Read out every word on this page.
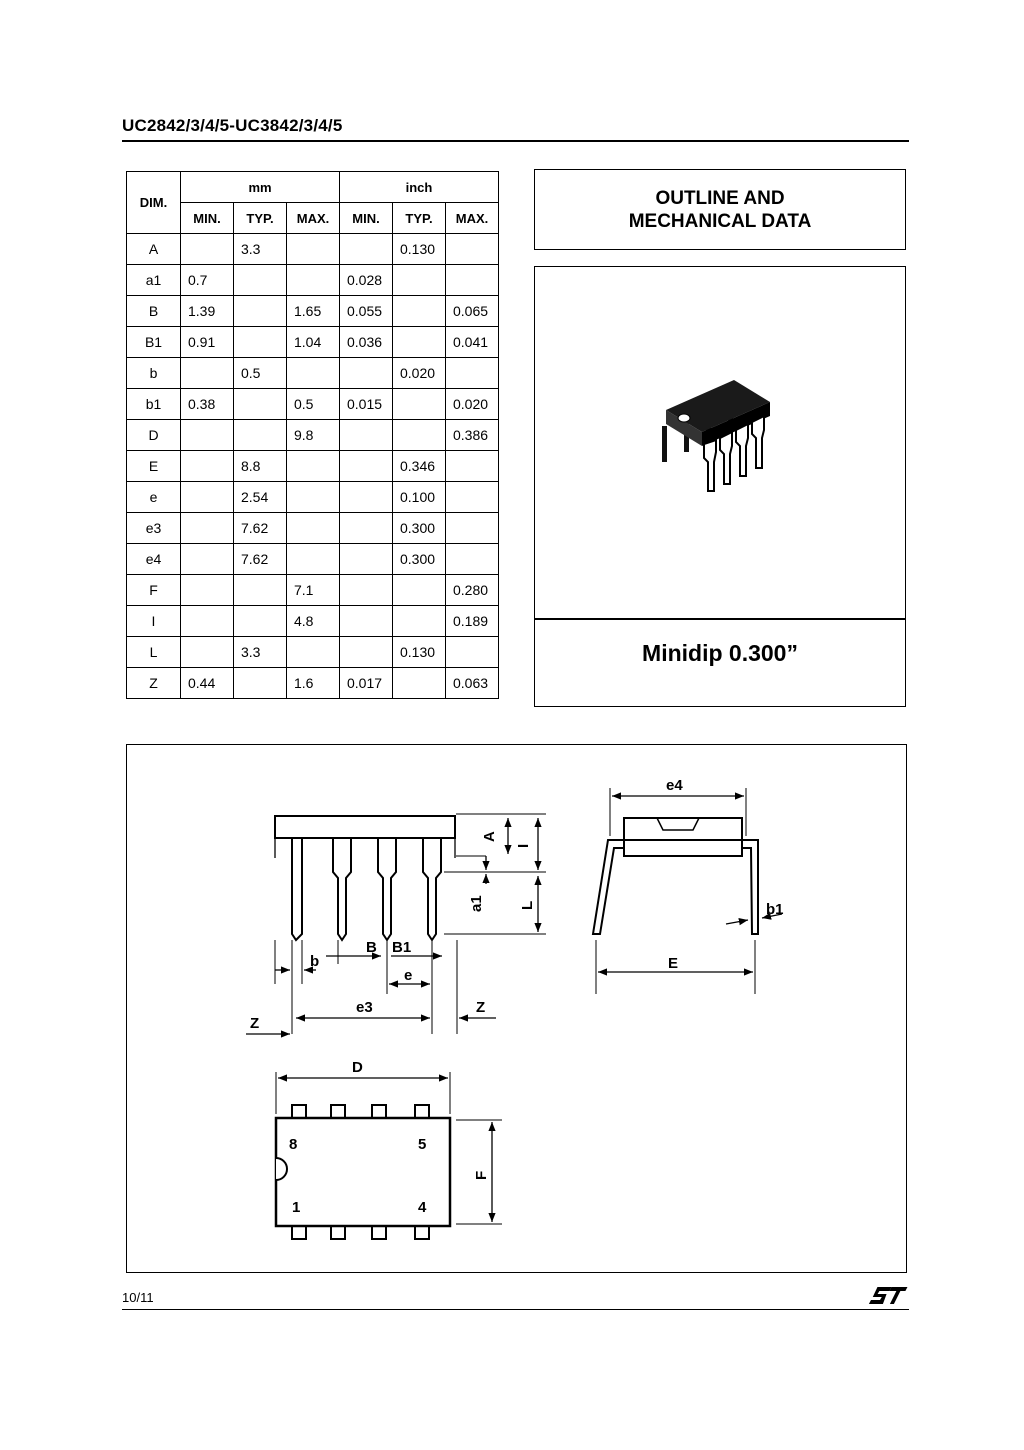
UC2842/3/4/5-UC3842/3/4/5
DIM.	mm			inch		
	MIN.	TYP.	MAX.	MIN.	TYP.	MAX.
A		3.3			0.130	
a1	0.7			0.028		
B	1.39		1.65	0.055		0.065
B1	0.91		1.04	0.036		0.041
b		0.5			0.020	
b1	0.38		0.5	0.015		0.020
D			9.8			0.386
E		8.8			0.346	
e		2.54			0.100	
e3		7.62			0.300	
e4		7.62			0.300	
F			7.1			0.280
I			4.8			0.189
L		3.3			0.130	
Z	0.44		1.6	0.017		0.063
OUTLINE AND
MECHANICAL DATA
Minidip 0.300”
A
I
a1 L
b
B B1
e
e3
Z
Z
e4
b1
E
D
F
8	5
1	4
10/11
